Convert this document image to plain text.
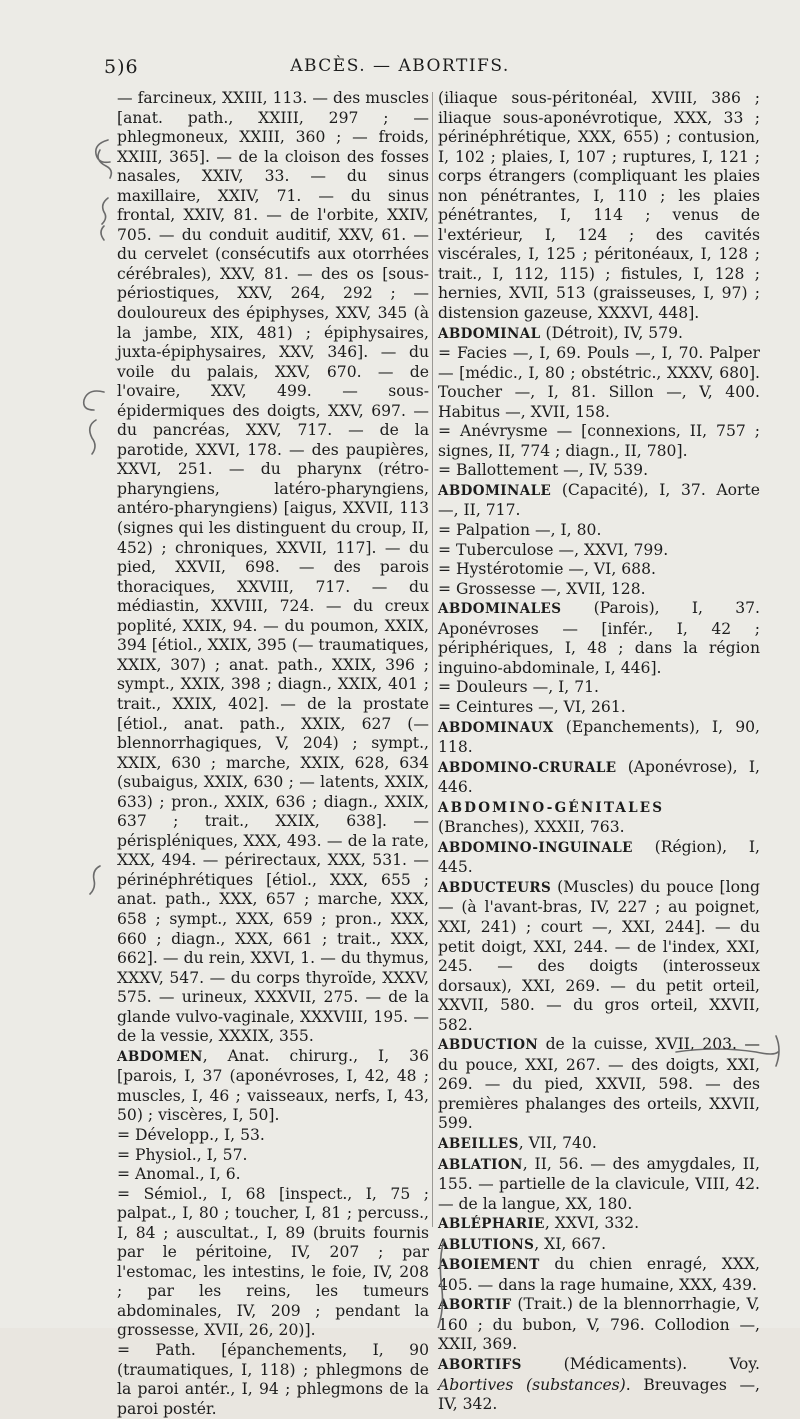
5)6	ABCÈS. — ABORTIFS.

— farcineux, XXIII, 113. — des muscles [anat. path., XXIII, 297 ; — phlegmoneux, XXIII, 360 ; — froids, XXIII, 365]. — de la cloison des fosses nasales, XXIV, 33. — du sinus maxillaire, XXIV, 71. — du sinus frontal, XXIV, 81. — de l'orbite, XXIV, 705. — du conduit auditif, XXV, 61. — du cervelet (consécutifs aux otorrhées cérébrales), XXV, 81. — des os [sous-périostiques, XXV, 264, 292 ; — douloureux des épiphyses, XXV, 345 (à la jambe, XIX, 481) ; épiphysaires, juxta-épiphysaires, XXV, 346]. — du voile du palais, XXV, 670. — de l'ovaire, XXV, 499. — sous-épidermiques des doigts, XXV, 697. — du pancréas, XXV, 717. — de la parotide, XXVI, 178. — des paupières, XXVI, 251. — du pharynx (rétro-pharyngiens, latéro-pharyngiens, antéro-pharyngiens) [aigus, XXVII, 113 (signes qui les distinguent du croup, II, 452) ; chroniques, XXVII, 117]. — du pied, XXVII, 698. — des parois thoraciques, XXVIII, 717. — du médiastin, XXVIII, 724. — du creux poplité, XXIX, 94. — du poumon, XXIX, 394 [étiol., XXIX, 395 (— traumatiques, XXIX, 307) ; anat. path., XXIX, 396 ; sympt., XXIX, 398 ; diagn., XXIX, 401 ; trait., XXIX, 402]. — de la prostate [étiol., anat. path., XXIX, 627 (— blennorrhagiques, V, 204) ; sympt., XXIX, 630 ; marche, XXIX, 628, 634 (subaigus, XXIX, 630 ; — latents, XXIX, 633) ; pron., XXIX, 636 ; diagn., XXIX, 637 ; trait., XXIX, 638]. — périspléniques, XXX, 493. — de la rate, XXX, 494. — périrectaux, XXX, 531. — périnéphrétiques [étiol., XXX, 655 ; anat. path., XXX, 657 ; marche, XXX, 658 ; sympt., XXX, 659 ; pron., XXX, 660 ; diagn., XXX, 661 ; trait., XXX, 662]. — du rein, XXVI, 1. — du thymus, XXXV, 547. — du corps thyroïde, XXXV, 575. — urineux, XXXVII, 275. — de la glande vulvo-vaginale, XXXVIII, 195. — de la vessie, XXXIX, 355.

ABDOMEN, Anat. chirurg., I, 36 [parois, I, 37 (aponévroses, I, 42, 48 ; muscles, I, 46 ; vaisseaux, nerfs, I, 43, 50) ; viscères, I, 50].

= Développ., I, 53.

= Physiol., I, 57.

= Anomal., I, 6.

= Sémiol., I, 68 [inspect., I, 75 ; palpat., I, 80 ; toucher, I, 81 ; percuss., I, 84 ; auscultat., I, 89 (bruits fournis par le péritoine, IV, 207 ; par l'estomac, les intestins, le foie, IV, 208 ; par les reins, les tumeurs abdominales, IV, 209 ; pendant la grossesse, XVII, 26, 20)].

= Path. [épanchements, I, 90 (traumatiques, I, 118) ; phlegmons de la paroi antér., I, 94 ; phlegmons de la paroi postér.

(iliaque sous-péritonéal, XVIII, 386 ; iliaque sous-aponévrotique, XXX, 33 ; périnéphrétique, XXX, 655) ; contusion, I, 102 ; plaies, I, 107 ; ruptures, I, 121 ; corps étrangers (compliquant les plaies non pénétrantes, I, 110 ; les plaies pénétrantes, I, 114 ; venus de l'extérieur, I, 124 ; des cavités viscérales, I, 125 ; péritonéaux, I, 128 ; trait., I, 112, 115) ; fistules, I, 128 ; hernies, XVII, 513 (graisseuses, I, 97) ; distension gazeuse, XXXVI, 448].

ABDOMINAL (Détroit), IV, 579.

= Facies —, I, 69. Pouls —, I, 70. Palper — [médic., I, 80 ; obstétric., XXXV, 680]. Toucher —, I, 81. Sillon —, V, 400. Habitus —, XVII, 158.

= Anévrysme — [connexions, II, 757 ; signes, II, 774 ; diagn., II, 780].

= Ballottement —, IV, 539.

ABDOMINALE (Capacité), I, 37. Aorte —, II, 717.

= Palpation —, I, 80.

= Tuberculose —, XXVI, 799.

= Hystérotomie —, VI, 688.

= Grossesse —, XVII, 128.

ABDOMINALES (Parois), I, 37. Aponévroses — [infér., I, 42 ; périphériques, I, 48 ; dans la région inguino-abdominale, I, 446].

= Douleurs —, I, 71.

= Ceintures —, VI, 261.

ABDOMINAUX (Epanchements), I, 90, 118.

ABDOMINO-CRURALE (Aponévrose), I, 446.

ABDOMINO-GÉNITALES (Branches), XXXII, 763.

ABDOMINO-INGUINALE (Région), I, 445.

ABDUCTEURS (Muscles) du pouce [long — (à l'avant-bras, IV, 227 ; au poignet, XXI, 241) ; court —, XXI, 244]. — du petit doigt, XXI, 244. — de l'index, XXI, 245. — des doigts (interosseux dorsaux), XXI, 269. — du petit orteil, XXVII, 580. — du gros orteil, XXVII, 582.

ABDUCTION de la cuisse, XVII, 203. — du pouce, XXI, 267. — des doigts, XXI, 269. — du pied, XXVII, 598. — des premières phalanges des orteils, XXVII, 599.

ABEILLES, VII, 740.

ABLATION, II, 56. — des amygdales, II, 155. — partielle de la clavicule, VIII, 42. — de la langue, XX, 180.

ABLÉPHARIE, XXVI, 332.

ABLUTIONS, XI, 667.

ABOIEMENT du chien enragé, XXX, 405. — dans la rage humaine, XXX, 439.

ABORTIF (Trait.) de la blennorrhagie, V, 160 ; du bubon, V, 796. Collodion —, XXII, 369.

ABORTIFS (Médicaments). Voy. Abortives (substances). Breuvages —, IV, 342.
